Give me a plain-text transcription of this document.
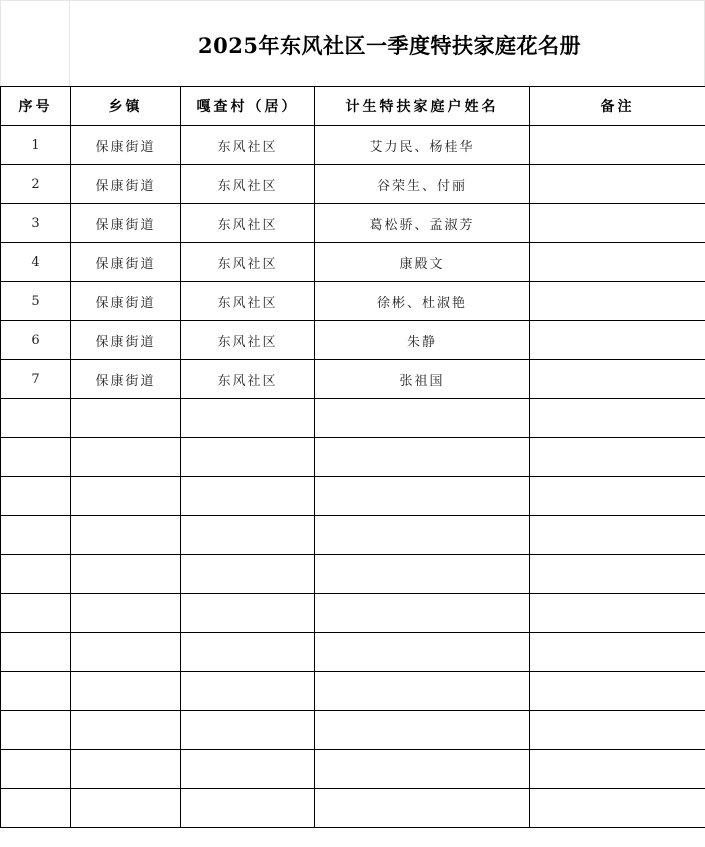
2025年东风社区一季度特扶家庭花名册
序号	乡镇	嘎查村（居）	计生特扶家庭户姓名	备注
1	保康街道	东风社区	艾力民、杨桂华	
2	保康街道	东风社区	谷荣生、付丽	
3	保康街道	东风社区	葛松骄、孟淑芳	
4	保康街道	东风社区	康殿文	
5	保康街道	东风社区	徐彬、杜淑艳	
6	保康街道	东风社区	朱静	
7	保康街道	东风社区	张祖国	
